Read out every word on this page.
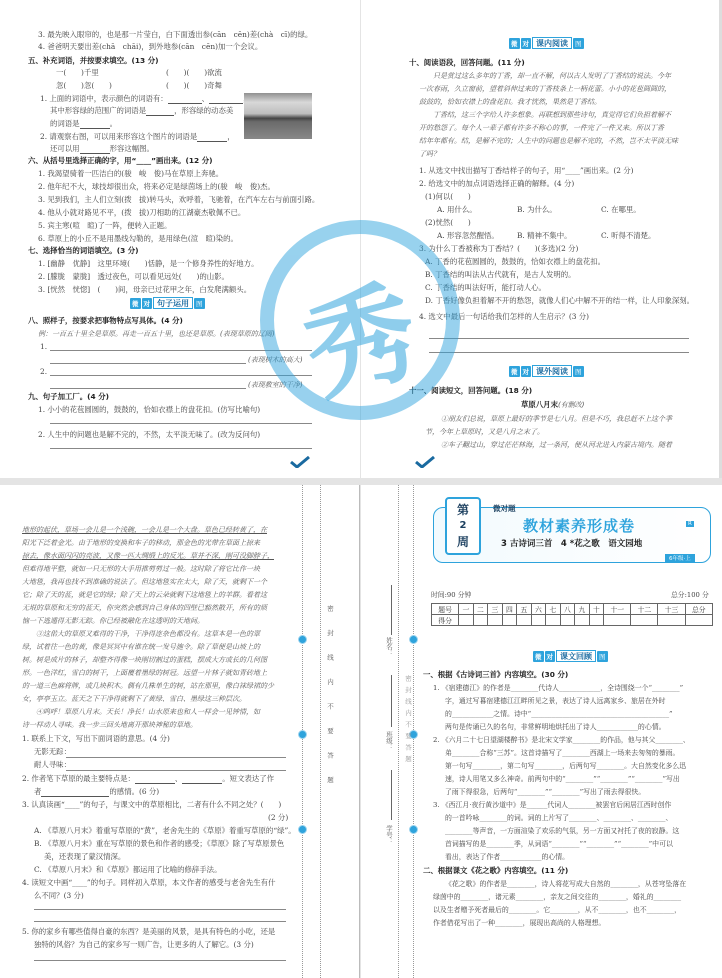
3. 最先映入眼帘的，也是那一片莹白，白下面透出参(cān　cēn)差(chà　cī)的绿。
4. 爸爸明天要出差(chā　chāi)，到外地参(cān　cēn)加一个会议。
五、补充词语，并按要求填空。(13 分)
一(　　)千里	(　　)(　　)欲流
忽(　　)忽(　　)	(　　)(　　)奇舞
1. 上面的词语中，表示颜色的词语有：	、
其中形容绿的范围广的词语是	，形容绿的动态美
的词语是	。
2. 请观察右图，可以用来形容这个图片的词语是	，
还可以用	形容这幅图。
六、从括号里选择正确的字，用“____”画出来。(12 分)
1. 我渴望骑着一匹洁白的(骏　峻　俊)马在草原上奔驰。
2. 他年纪不大，球技却很出众，将来必定是绿茵场上的(骏　峻　俊)杰。
3. 见到我们，主人们立刻(拨　拔)转马头，欢呼着，飞驰着，在汽车左右与前面引路。
4. 他从小就对路见不平，(拨　拔)刀相助的江湖豪杰敬佩不已。
5. 宾主寒(喧　暄)了一阵，便转入正题。
6. 草原上的小丘不是用墨线勾勒的，是用绿色(渲　暄)染的。
七、选择恰当的词语填空。(3 分)
1. [幽静　优静]　这里环境(　　)恬静，是一个修身养性的好地方。
2. [朦胧　蒙胧]　透过夜色，可以看见远处(　　)的山影。
3. [恍然　恍惚]　(　　)间，母亲已过花甲之年，白发爬满额头。
微 对 句子运用	图
八、照样子，按要求把事物特点写具体。(4 分)
例：一百五十里全是草原。再走一百五十里，也还是草原。(表现草原的辽阔)
1.
(表现树木的高大)
2.
(表现教室的干净)
九、句子加工厂。(4 分)
1. 小小的花苞圆圆的，鼓鼓的，恰如衣襟上的盘花扣。(仿写比喻句)
2. 人生中的问题也是解不完的，不然，太平淡无味了。(改为反问句)
微 对 课内阅读	图
十、阅读语段，回答问题。(11 分)
只是赏过这么多年的丁香，却一直不解，何以古人发明了丁香结的说法。今年
一次春雨，久立窗前，望着斜伸过来的丁香枝条上一柄花蕾。小小的花苞圆圆的，
鼓鼓的，恰如衣襟上的盘花扣。我才恍然，果然是丁香结。
丁香结，这三个字给人许多想象。再联想到那些诗句，真觉得它们负担着解不
开的愁怨了。每个人一辈子都有许多不称心的事，一件完了一件又来。所以丁香
结年年都有。结，是解不完的；人生中的问题也是解不完的，不然，岂不太平淡无味
了吗？
1. 从选文中找出描写丁香结样子的句子，用“____”画出来。(2 分)
2. 给选文中的加点词语选择正确的解释。(4 分)
(1)何以(　　)
A. 用什么。	B. 为什么。	C. 在哪里。
(2)恍然(　　)
A. 形容忽然醒悟。 B. 精神不集中。	C. 听得不清楚。
3. 为什么丁香被称为丁香结？(　　)(多选)(2 分)
A. 丁香的花苞圆圆的，鼓鼓的，恰如衣襟上的盘花扣。
B. 丁香结的叫法从古代就有，是古人发明的。
C. 丁香结的叫法好听，能打动人心。
D. 丁香好像负担着解不开的愁怨，就像人们心中解不开的结一样，让人印象深刻。
4. 选文中最后一句话给我们怎样的人生启示？(3 分)
微 对 课外阅读	图
十一、阅读短文，回答问题。(18 分)
草原八月末(有删改)
①朋友们总说，草原上最好的季节是七八月。但是不巧，我总赶不上这个季
节，今年上草原时，又是八月之末了。
②车子翻过山，穿过茫茫林海，过一条河，便从河北进入内蒙古境内。随着
秀
地形的起伏，草场一会儿是一个浅碗，一会儿是一个大盘。草色已经转黄了，在
阳光下泛着金光。由于地形的变换和车子的移动，那金色的光带在草面上掠来
掠去，像水面闪闪的亮波，又像一匹大绸缎上的反光。草并不深，刚可没脚脖子，
但难得地平整，就如一只无形的大手用推剪剪过一般。这时除了将它比作一块
大地毯，我再也找不到准确的说法了。但这地毯实在太大，除了天，就剩下一个
它；除了天的蓝，就是它的绿；除了天上的云朵就剩下这地毯上的羊群。看着这
无垠的草原和无穷的蓝天，你突然会感到自己身体的四壁已豁然散开，所有的烦
恼一下逃遁得无影无踪。你已经被融化在这透明的天地间。
③这偌大的草原又难得的干净，干净得连杂色都没有。这草本是一色的翠
绿，试着往一色的黄，像是冥冥中有谁在统一发号施令。除了草便是山坡上的
树。树是成片的林子，却整齐得像一块刚切割过的蛋糕，摆成大方或长的几何图
形。一色洋红，雪白的树干，上面覆着墨绿的树冠。远望一片林子就如青砖地上
的一道三色麻将牌，或几块积木。偶有几株单生的树，站在那里，像白袜绿裙的少
女，亭亭玉立。蓝天之下干净得就剩下了黄绿、雪白、墨绿这三种层次。
④呜呼！草原八月末。天长！净长！山水原来也和人一样会一见钟情，如
诗一样动人寻味。我一步三回头地离开那块神秘的草地。
1. 联系上下文，写出下面词语的意思。(4 分)
无影无踪：
耐人寻味：
2. 作者笔下草原的最主要特点是：	、	。短文表达了作
者	的感情。(6 分)
3. 认真读画“____”的句子，与课文中的草原相比，二者有什么不同之处？(　　)
(2 分)
A. 《草原八月末》着重写草原的“黄”，老舍先生的《草原》着重写草原的“绿”。
B. 《草原八月末》重在写草原的景色和作者的感受；《草原》除了写草原景色
美，还表现了蒙汉情深。
C. 《草原八月末》和《草原》都运用了比喻的修辞手法。
4. 读短文中画“____”的句子。同样初入草原，本文作者的感受与老舍先生有什
么不同？(3 分)
5. 你的家乡有哪些值得自豪的东西？是美丽的风景，是具有特色的小吃，还是
独特的风俗？为自己的家乡写一则广告，让更多的人了解它。(3 分)
密封线内不要答题
姓名：
班级：
学号：
密封线内不要答题
第
2
周
微对题
教材素养形成卷
3 古诗词三首　4 *花之歌　语文园地
R
6年级·上
时间:90 分钟	总分:100 分
题号	一	二	三	四	五	六	七	八	九	十	十一	十二	十三	总分
得分														
微 对 课文回顾	图
一、根据《古诗词三首》内容填空。(30 分)
1. 《宿建德江》的作者是________代诗人____________，全诗围绕一个“________”
字，通过写暮宿建德江江畔所见之景，表达了诗人远离家乡、旅居在外时
的____________之情。诗中“________________________________________”
两句是传诵已久的名句，非常鲜明地烘托出了诗人____________的心情。
2. 《六月二十七日望湖楼醉书》是北宋文学家________的作品，他与其父________、
弟________合称“三苏”。这首诗描写了________西湖上一场来去匆匆的暴雨。
第一句写________，第二句写________，后两句写________。大自然变化多么迅
速，诗人用笔又多么神奇。前两句中的“________”“________”“________”写出
了雨下得很急，后两句“________”“________”写出了雨去得很快。
3. 《西江月·夜行黄沙道中》是______代词人________被罢官后闲居江西时创作
的一首吟咏________的词。词的上片写了________、________、________、
________等声音，一方面渲染了欢乐的气氛，另一方面又衬托了夜的寂静。这
首词描写的是________季，从词语“________”“________”“________”中可以
看出，表达了作者____________的心情。
二、根据课文《花之歌》内容填空。(11 分)
《花之歌》的作者是________，诗人将花写成大自然的________，从苍穹坠落在
绿茵中的________，诸元素________，亲友之间交往的________，婚礼的________
以及生者赠予死者最后的________。它________，从不________，也不________，
作者借花写出了一种________，展现出高尚的人格理想。
